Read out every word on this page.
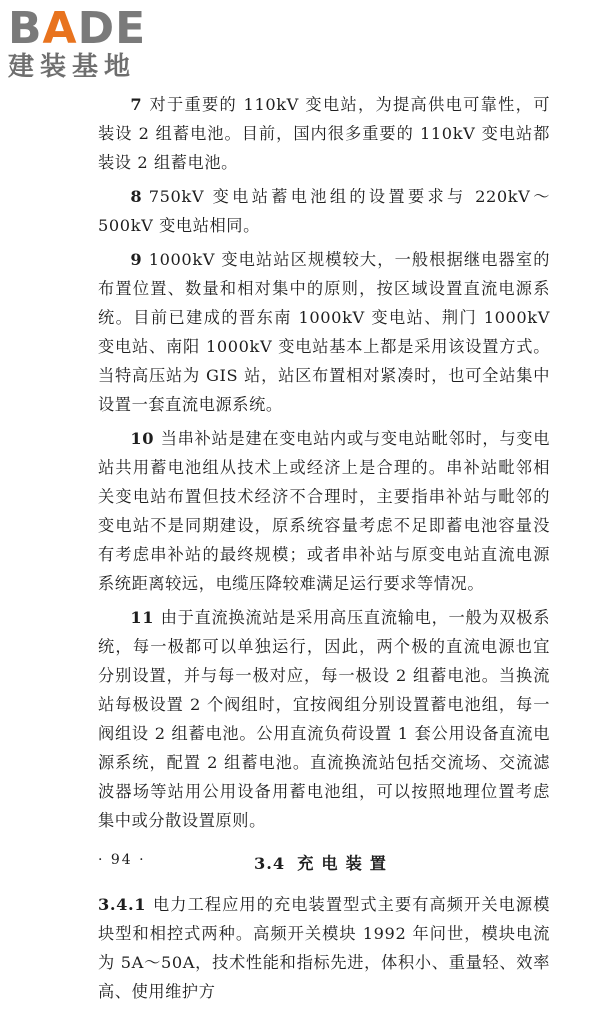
BADE
建装基地

7 对于重要的 110kV 变电站，为提高供电可靠性，可装设 2 组蓄电池。目前，国内很多重要的 110kV 变电站都装设 2 组蓄电池。

8 750kV 变电站蓄电池组的设置要求与 220kV～500kV 变电站相同。

9 1000kV 变电站站区规模较大，一般根据继电器室的布置位置、数量和相对集中的原则，按区域设置直流电源系统。目前已建成的晋东南 1000kV 变电站、荆门 1000kV 变电站、南阳 1000kV 变电站基本上都是采用该设置方式。当特高压站为 GIS 站，站区布置相对紧凑时，也可全站集中设置一套直流电源系统。

10 当串补站是建在变电站内或与变电站毗邻时，与变电站共用蓄电池组从技术上或经济上是合理的。串补站毗邻相关变电站布置但技术经济不合理时，主要指串补站与毗邻的变电站不是同期建设，原系统容量考虑不足即蓄电池容量没有考虑串补站的最终规模；或者串补站与原变电站直流电源系统距离较远，电缆压降较难满足运行要求等情况。

11 由于直流换流站是采用高压直流输电，一般为双极系统，每一极都可以单独运行，因此，两个极的直流电源也宜分别设置，并与每一极对应，每一极设 2 组蓄电池。当换流站每极设置 2 个阀组时，宜按阀组分别设置蓄电池组，每一阀组设 2 组蓄电池。公用直流负荷设置 1 套公用设备直流电源系统，配置 2 组蓄电池。直流换流站包括交流场、交流滤波器场等站用公用设备用蓄电池组，可以按照地理位置考虑集中或分散设置原则。

3.4 充电装置

3.4.1 电力工程应用的充电装置型式主要有高频开关电源模块型和相控式两种。高频开关模块 1992 年问世，模块电流为 5A～50A，技术性能和指标先进，体积小、重量轻、效率高、使用维护方

· 94 ·
